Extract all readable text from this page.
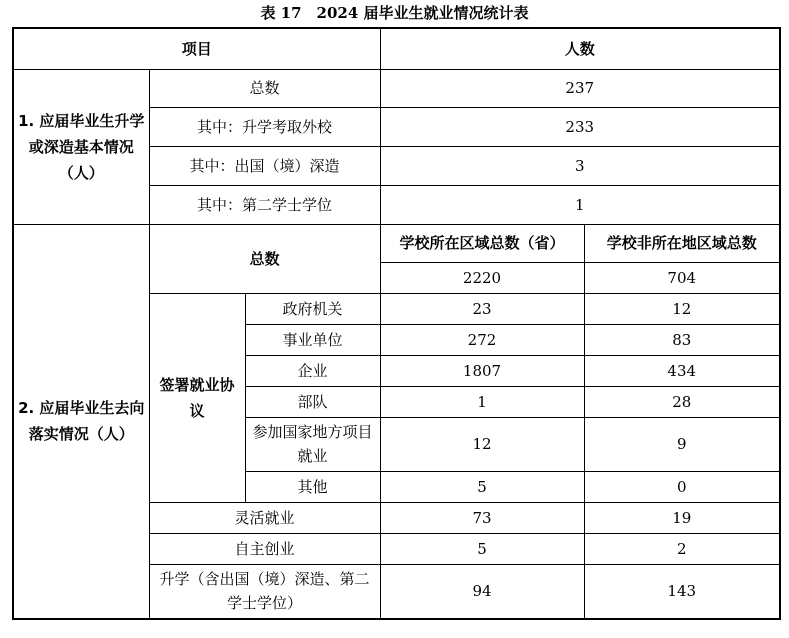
表 17　2024 届毕业生就业情况统计表
项目			人数	
1. 应届毕业生升学或深造基本情况（人）	总数		237	
	其中：升学考取外校		233	
	其中：出国（境）深造		3	
	其中：第二学士学位		1	
2. 应届毕业生去向落实情况（人）	总数		学校所在区域总数（省）	学校非所在地区域总数
			2220	704
	签署就业协议	政府机关	23	12
		事业单位	272	83
		企业	1807	434
		部队	1	28
		参加国家地方项目就业	12	9
		其他	5	0
	灵活就业		73	19
	自主创业		5	2
	升学（含出国（境）深造、第二学士学位）		94	143
